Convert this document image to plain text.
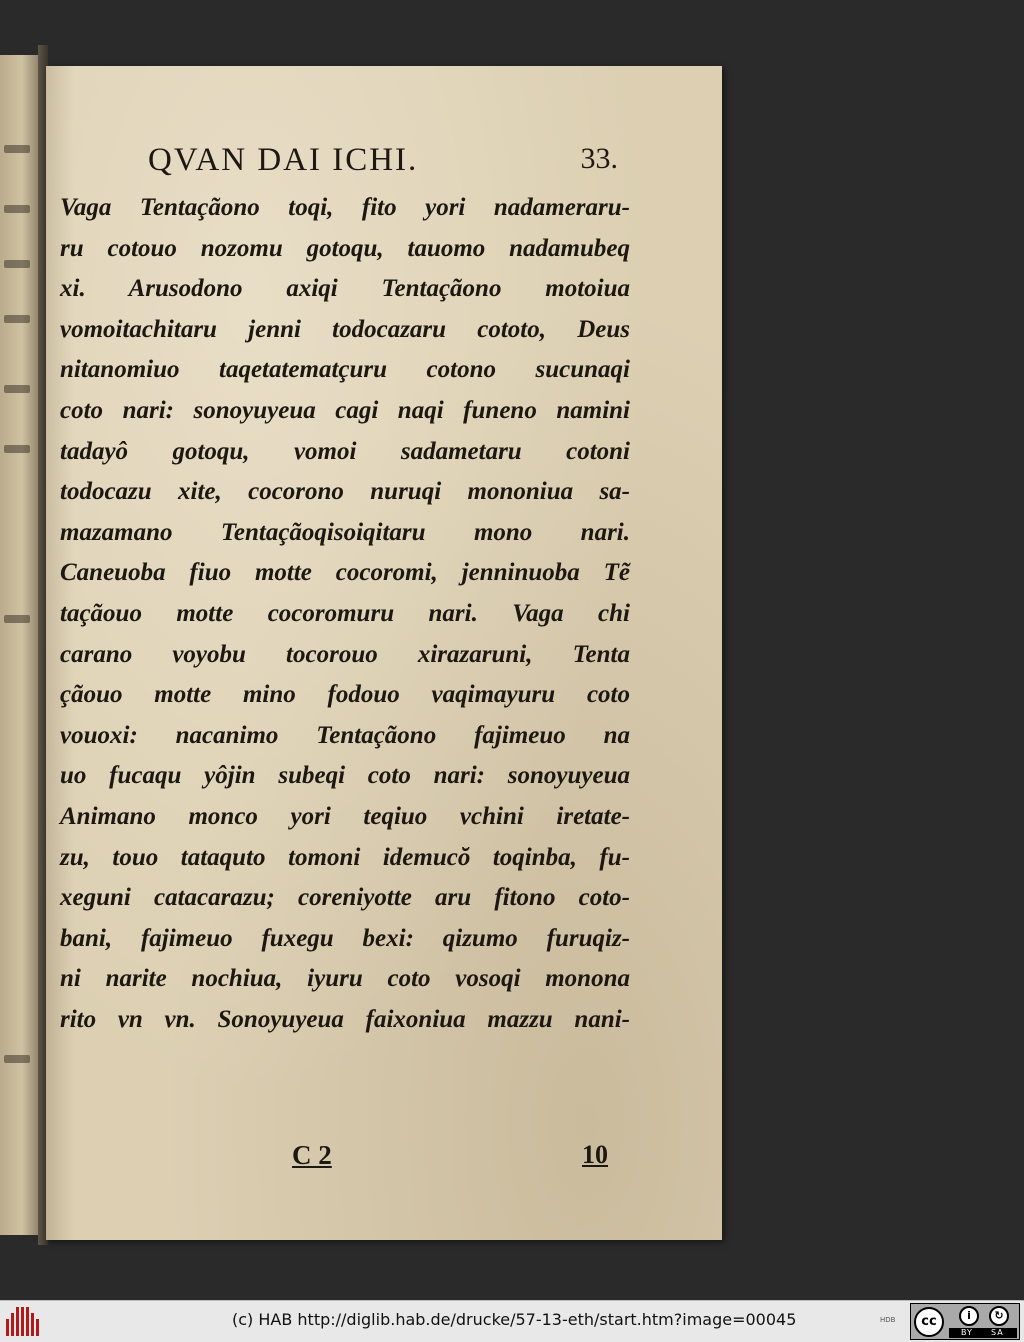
QVAN DAI ICHI.	33.
Vaga Tentaçãono toqi, fito yori nadameraru-
ru cotouo nozomu gotoqu, tauomo nadamubeq
xi. Arusodono axiqi Tentaçãono motoiua
vomoitachitaru jenni todocazaru cototo, Deus
nitanomiuo taqetatematçuru cotono sucunaqi
coto nari: sonoyuyeua cagi naqi funeno namini
tadayô gotoqu, vomoi sadametaru cotoni
todocazu xite, cocorono nuruqi mononiua sa-
mazamano Tentaçãoqisoiqitaru mono nari.
Caneuoba fiuo motte cocoromi, jenninuoba Tẽ
taçãouo motte cocoromuru nari. Vaga chi
carano voyobu tocorouo xirazaruni, Tenta
çãouo motte mino fodouo vaqimayuru coto
vouoxi: nacanimo Tentaçãono fajimeuo na
uo fucaqu yôjin subeqi coto nari: sonoyuyeua
Animano monco yori teqiuo vchini iretate-
zu, touo tataquto tomoni idemucŏ toqinba, fu-
xeguni catacarazu; coreniyotte aru fitono coto-
bani, fajimeuo fuxegu bexi: qizumo furuqiz-
ni narite nochiua, iyuru coto vosoqi monona
rito vn vn. Sonoyuyeua faixoniua mazzu nani-
C 2	10
(c) HAB http://diglib.hab.de/drucke/57-13-eth/start.htm?image=00045	HDB	cc	i	↻
BY SA
